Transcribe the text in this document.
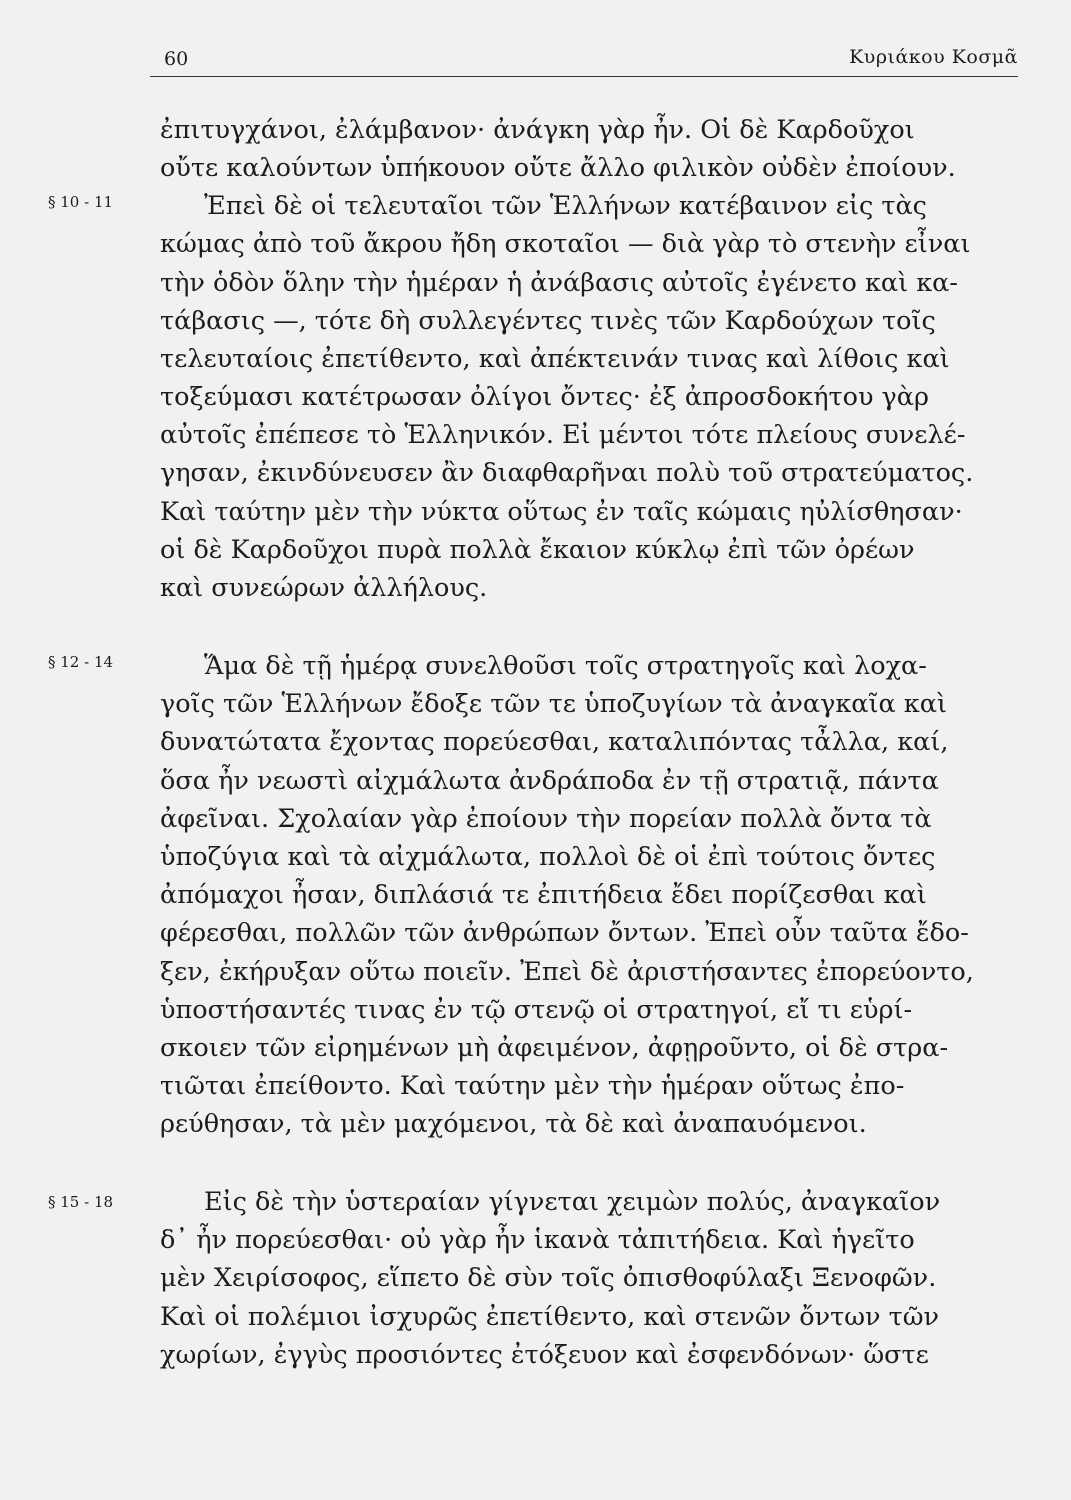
60	Κυριάκου Κοσμᾶ
§ 10 - 11
§ 12 - 14
§ 15 - 18
ἐπιτυγχάνοι, ἐλάμβανον· ἀνάγκη γὰρ ἦν. Οἱ δὲ Καρδοῦχοι
οὔτε καλούντων ὑπήκουον οὔτε ἄλλο φιλικὸν οὐδὲν ἐποίουν.
Ἐπεὶ δὲ οἱ τελευταῖοι τῶν Ἑλλήνων κατέβαινον εἰς τὰς
κώμας ἀπὸ τοῦ ἄκρου ἤδη σκοταῖοι — διὰ γὰρ τὸ στενὴν εἶναι
τὴν ὁδὸν ὅλην τὴν ἡμέραν ἡ ἀνάβασις αὐτοῖς ἐγένετο καὶ κα-
τάβασις —, τότε δὴ συλλεγέντες τινὲς τῶν Καρδούχων τοῖς
τελευταίοις ἐπετίθεντο, καὶ ἀπέκτεινάν τινας καὶ λίθοις καὶ
τοξεύμασι κατέτρωσαν ὀλίγοι ὄντες· ἐξ ἀπροσδοκήτου γὰρ
αὐτοῖς ἐπέπεσε τὸ Ἑλληνικόν. Εἰ μέντοι τότε πλείους συνελέ-
γησαν, ἐκινδύνευσεν ἂν διαφθαρῆναι πολὺ τοῦ στρατεύματος.
Καὶ ταύτην μὲν τὴν νύκτα οὕτως ἐν ταῖς κώμαις ηὐλίσθησαν·
οἱ δὲ Καρδοῦχοι πυρὰ πολλὰ ἔκαιον κύκλῳ ἐπὶ τῶν ὀρέων
καὶ συνεώρων ἀλλήλους.
Ἅμα δὲ τῇ ἡμέρᾳ συνελθοῦσι τοῖς στρατηγοῖς καὶ λοχα-
γοῖς τῶν Ἑλλήνων ἔδοξε τῶν τε ὑποζυγίων τὰ ἀναγκαῖα καὶ
δυνατώτατα ἔχοντας πορεύεσθαι, καταλιπόντας τἆλλα, καί,
ὅσα ἦν νεωστὶ αἰχμάλωτα ἀνδράποδα ἐν τῇ στρατιᾷ, πάντα
ἀφεῖναι. Σχολαίαν γὰρ ἐποίουν τὴν πορείαν πολλὰ ὄντα τὰ
ὑποζύγια καὶ τὰ αἰχμάλωτα, πολλοὶ δὲ οἱ ἐπὶ τούτοις ὄντες
ἀπόμαχοι ἦσαν, διπλάσιά τε ἐπιτήδεια ἔδει πορίζεσθαι καὶ
φέρεσθαι, πολλῶν τῶν ἀνθρώπων ὄντων. Ἐπεὶ οὖν ταῦτα ἔδο-
ξεν, ἐκήρυξαν οὕτω ποιεῖν. Ἐπεὶ δὲ ἀριστήσαντες ἐπορεύοντο,
ὑποστήσαντές τινας ἐν τῷ στενῷ οἱ στρατηγοί, εἴ τι εὑρί-
σκοιεν τῶν εἰρημένων μὴ ἀφειμένον, ἀφῃροῦντο, οἱ δὲ στρα-
τιῶται ἐπείθοντο. Καὶ ταύτην μὲν τὴν ἡμέραν οὕτως ἐπο-
ρεύθησαν, τὰ μὲν μαχόμενοι, τὰ δὲ καὶ ἀναπαυόμενοι.
Εἰς δὲ τὴν ὑστεραίαν γίγνεται χειμὼν πολύς, ἀναγκαῖον
δ᾽ ἦν πορεύεσθαι· οὐ γὰρ ἦν ἱκανὰ τἀπιτήδεια. Καὶ ἡγεῖτο
μὲν Χειρίσοφος, εἵπετο δὲ σὺν τοῖς ὀπισθοφύλαξι Ξενοφῶν.
Καὶ οἱ πολέμιοι ἰσχυρῶς ἐπετίθεντο, καὶ στενῶν ὄντων τῶν
χωρίων, ἐγγὺς προσιόντες ἐτόξευον καὶ ἐσφενδόνων· ὥστε
